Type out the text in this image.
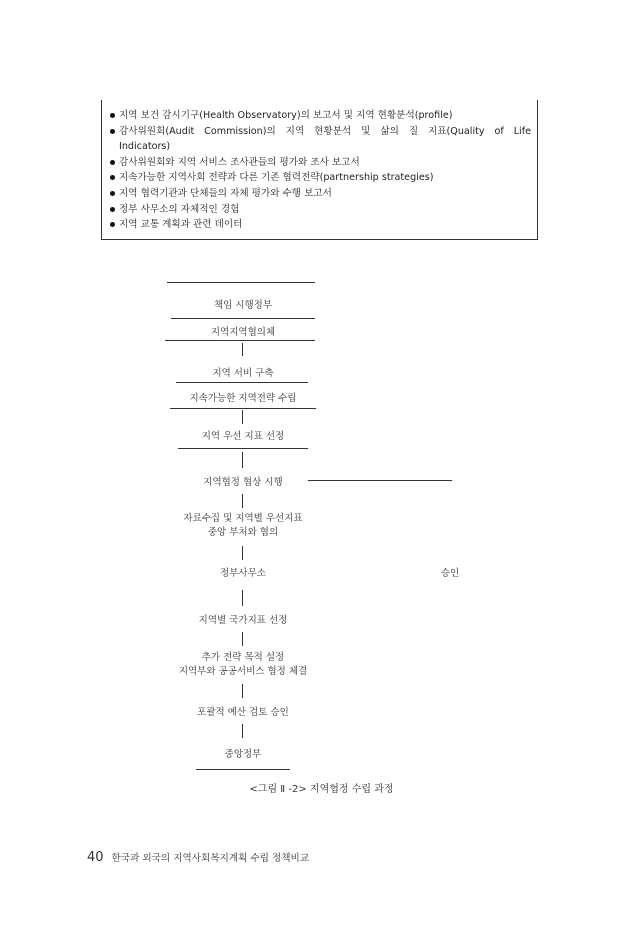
지역 보건 감시기구(Health Observatory)의 보고서 및 지역 현황분석(profile)
감사위원회(Audit Commission)의 지역 현황분석 및 삶의 질 지표(Quality of Life
Indicators)
감사위원회와 지역 서비스 조사관들의 평가와 조사 보고서
지속가능한 지역사회 전략과 다른 기존 협력전략(partnership strategies)
지역 협력기관과 단체들의 자체 평가와 수행 보고서
정부 사무소의 자체적인 경험
지역 교통 계획과 관련 데이터
책임 시행정부
지역지역협의체
지역 서비 구축
지속가능한 지역전략 수립
지역 우선 지표 선정
지역협정 협상 시행
자료수집 및 지역별 우선지표
중앙 부처와 협의
정부사무소	승인
지역별 국가지표 선정
추가 전략 목적 설정
지역부와 공공서비스 협정 체결
포괄적 예산 검토 승인
중앙정부
<그림 Ⅱ -2> 지역협정 수립 과정
40 한국과 외국의 지역사회복지계획 수립 정책비교
